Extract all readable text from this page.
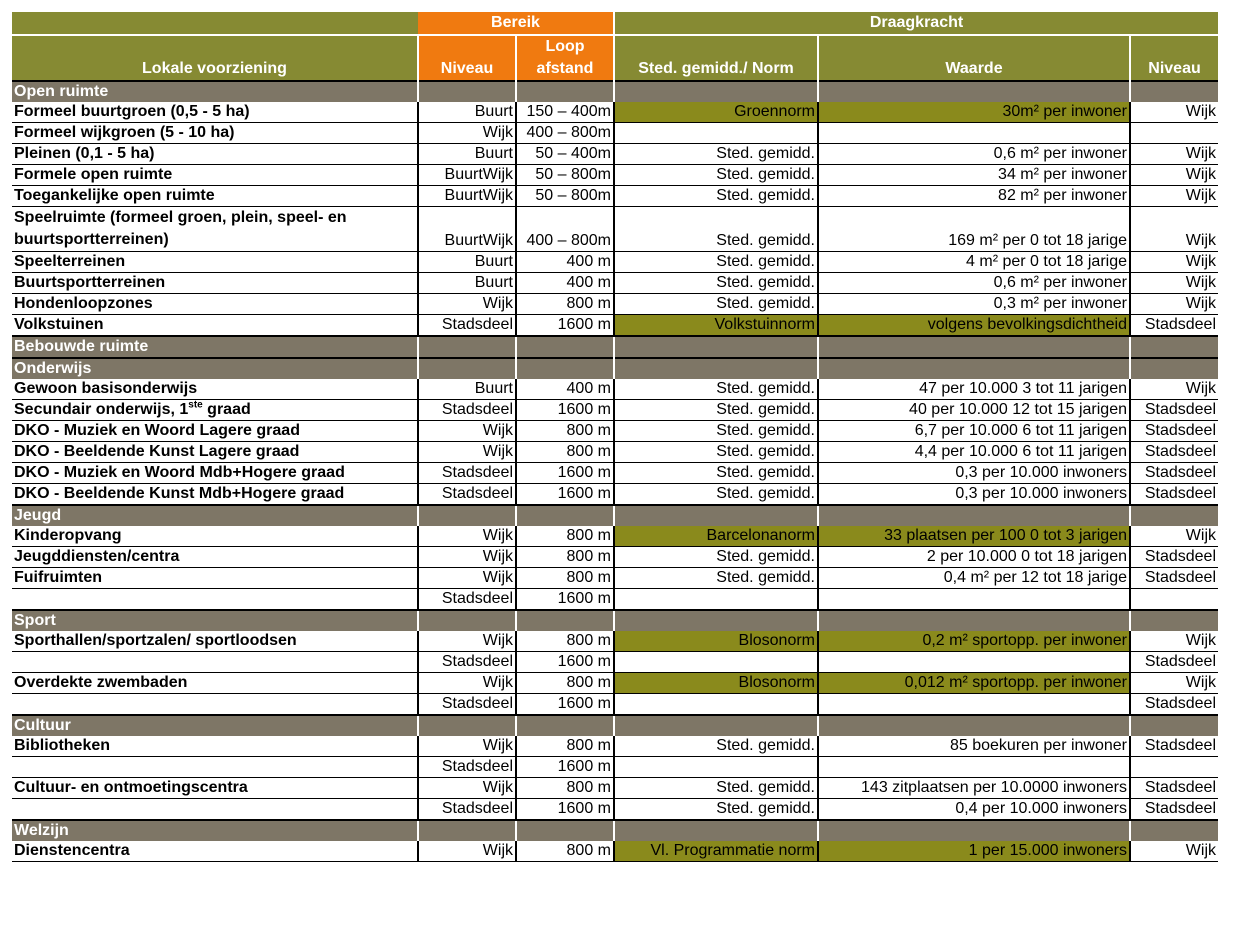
	Bereik		Draagkracht		
Lokale voorziening	Niveau	Loop afstand	Sted. gemidd./ Norm	Waarde	Niveau
Open ruimte					
Formeel buurtgroen (0,5 - 5 ha)	Buurt	150 – 400m	Groennorm	30m² per inwoner	Wijk
Formeel wijkgroen (5 - 10 ha)	Wijk	400 – 800m			
Pleinen (0,1 - 5 ha)	Buurt	50 – 400m	Sted. gemidd.	0,6 m² per inwoner	Wijk
Formele open ruimte	BuurtWijk	50 – 800m	Sted. gemidd.	34 m² per inwoner	Wijk
Toegankelijke open ruimte	BuurtWijk	50 – 800m	Sted. gemidd.	82 m² per inwoner	Wijk
Speelruimte (formeel groen, plein, speel- en buurtsportterreinen)	BuurtWijk	400 – 800m	Sted. gemidd.	169 m² per 0 tot 18 jarige	Wijk
Speelterreinen	Buurt	400 m	Sted. gemidd.	4 m² per 0 tot 18 jarige	Wijk
Buurtsportterreinen	Buurt	400 m	Sted. gemidd.	0,6 m² per inwoner	Wijk
Hondenloopzones	Wijk	800 m	Sted. gemidd.	0,3 m² per inwoner	Wijk
Volkstuinen	Stadsdeel	1600 m	Volkstuinnorm	volgens bevolkingsdichtheid	Stadsdeel
Bebouwde ruimte					
Onderwijs					
Gewoon basisonderwijs	Buurt	400 m	Sted. gemidd.	47 per 10.000 3 tot 11 jarigen	Wijk
Secundair onderwijs, 1ste graad	Stadsdeel	1600 m	Sted. gemidd.	40 per 10.000 12 tot 15 jarigen	Stadsdeel
DKO - Muziek en Woord Lagere graad	Wijk	800 m	Sted. gemidd.	6,7 per 10.000 6 tot 11 jarigen	Stadsdeel
DKO - Beeldende Kunst Lagere graad	Wijk	800 m	Sted. gemidd.	4,4 per 10.000 6 tot 11 jarigen	Stadsdeel
DKO - Muziek en Woord Mdb+Hogere graad	Stadsdeel	1600 m	Sted. gemidd.	0,3 per 10.000 inwoners	Stadsdeel
DKO - Beeldende Kunst Mdb+Hogere graad	Stadsdeel	1600 m	Sted. gemidd.	0,3 per 10.000 inwoners	Stadsdeel
Jeugd					
Kinderopvang	Wijk	800 m	Barcelonanorm	33 plaatsen per 100 0 tot 3 jarigen	Wijk
Jeugddiensten/centra	Wijk	800 m	Sted. gemidd.	2 per 10.000 0 tot 18 jarigen	Stadsdeel
Fuifruimten	Wijk	800 m	Sted. gemidd.	0,4 m² per 12 tot 18 jarige	Stadsdeel
	Stadsdeel	1600 m			
Sport					
Sporthallen/sportzalen/ sportloodsen	Wijk	800 m	Blosonorm	0,2 m² sportopp. per inwoner	Wijk
	Stadsdeel	1600 m			Stadsdeel
Overdekte zwembaden	Wijk	800 m	Blosonorm	0,012 m² sportopp. per inwoner	Wijk
	Stadsdeel	1600 m			Stadsdeel
Cultuur					
Bibliotheken	Wijk	800 m	Sted. gemidd.	85 boekuren per inwoner	Stadsdeel
	Stadsdeel	1600 m			
Cultuur- en ontmoetingscentra	Wijk	800 m	Sted. gemidd.	143 zitplaatsen per 10.0000 inwoners	Stadsdeel
	Stadsdeel	1600 m	Sted. gemidd.	0,4 per 10.000 inwoners	Stadsdeel
Welzijn					
Dienstencentra	Wijk	800 m	Vl. Programmatie norm	1 per 15.000 inwoners	Wijk
